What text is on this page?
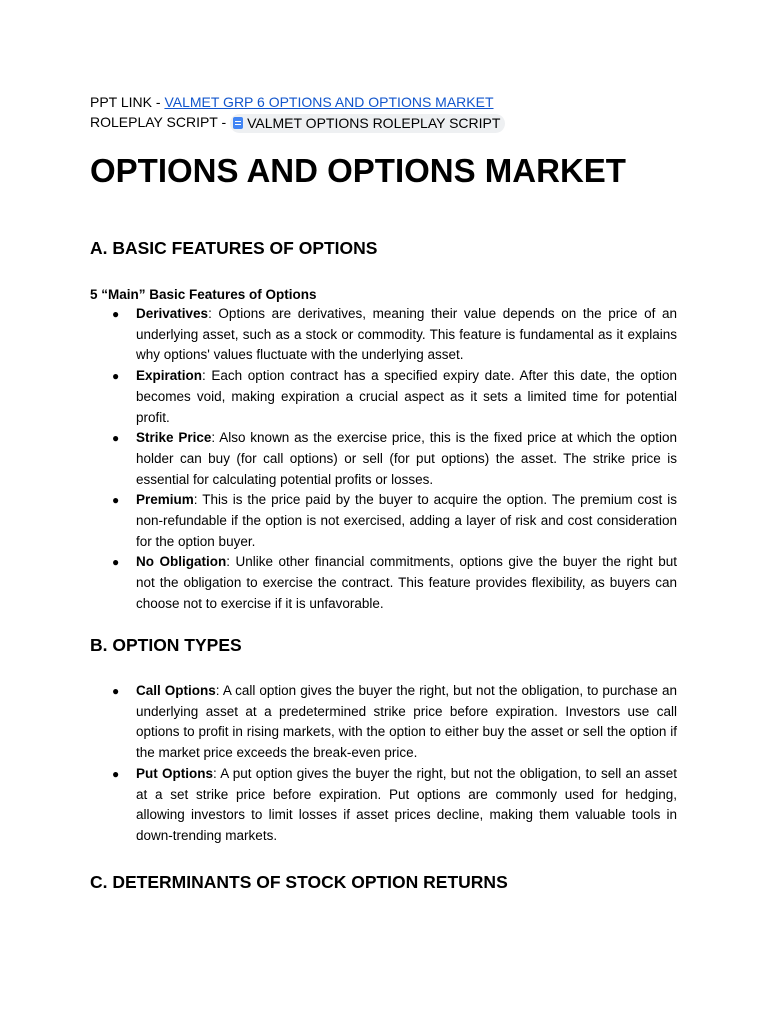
PPT LINK - VALMET GRP 6 OPTIONS AND OPTIONS MARKET
ROLEPLAY SCRIPT - VALMET OPTIONS ROLEPLAY SCRIPT
OPTIONS AND OPTIONS MARKET
A. BASIC FEATURES OF OPTIONS
5 “Main” Basic Features of Options
● Derivatives: Options are derivatives, meaning their value depends on the price of an underlying asset, such as a stock or commodity. This feature is fundamental as it explains why options' values fluctuate with the underlying asset.
● Expiration: Each option contract has a specified expiry date. After this date, the option becomes void, making expiration a crucial aspect as it sets a limited time for potential profit.
● Strike Price: Also known as the exercise price, this is the fixed price at which the option holder can buy (for call options) or sell (for put options) the asset. The strike price is essential for calculating potential profits or losses.
● Premium: This is the price paid by the buyer to acquire the option. The premium cost is non-refundable if the option is not exercised, adding a layer of risk and cost consideration for the option buyer.
● No Obligation: Unlike other financial commitments, options give the buyer the right but not the obligation to exercise the contract. This feature provides flexibility, as buyers can choose not to exercise if it is unfavorable.
B. OPTION TYPES
● Call Options: A call option gives the buyer the right, but not the obligation, to purchase an underlying asset at a predetermined strike price before expiration. Investors use call options to profit in rising markets, with the option to either buy the asset or sell the option if the market price exceeds the break-even price.
● Put Options: A put option gives the buyer the right, but not the obligation, to sell an asset at a set strike price before expiration. Put options are commonly used for hedging, allowing investors to limit losses if asset prices decline, making them valuable tools in down-trending markets.
C. DETERMINANTS OF STOCK OPTION RETURNS
